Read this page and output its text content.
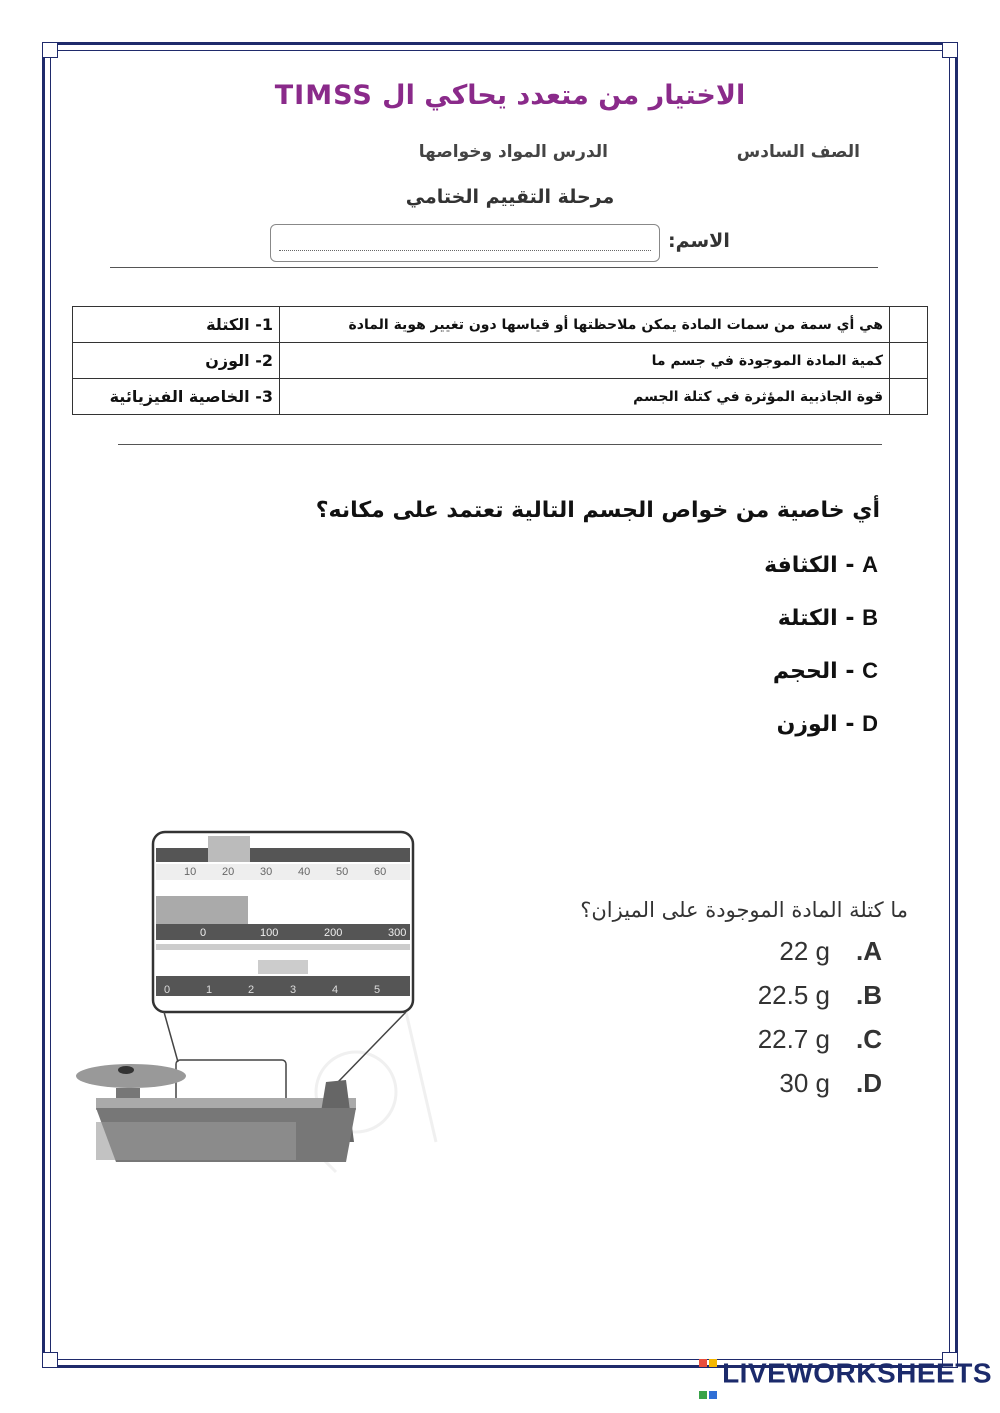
الاختيار من متعدد يحاكي ال TIMSS
الصف السادس
الدرس المواد وخواصها
مرحلة التقييم الختامي
الاسم:
	هي أي سمة من سمات المادة يمكن ملاحظتها أو قياسها دون تغيير هوية المادة	1- الكتلة
	كمية المادة الموجودة في جسم ما	2- الوزن
	قوة الجاذبية المؤثرة في كتلة الجسم	3- الخاصية الفيزيائية
أي خاصية من خواص الجسم التالية تعتمد على مكانه؟
A - الكثافة
B - الكتلة
C - الحجم
D - الوزن
10 20 30 40 50 60
0	100	200	300
0	1	2	3	4	5
ما كتلة المادة الموجودة على الميزان؟
22 g .A
22.5 g .B
22.7 g .C
30 g .D

LIVEWORKSHEETS
